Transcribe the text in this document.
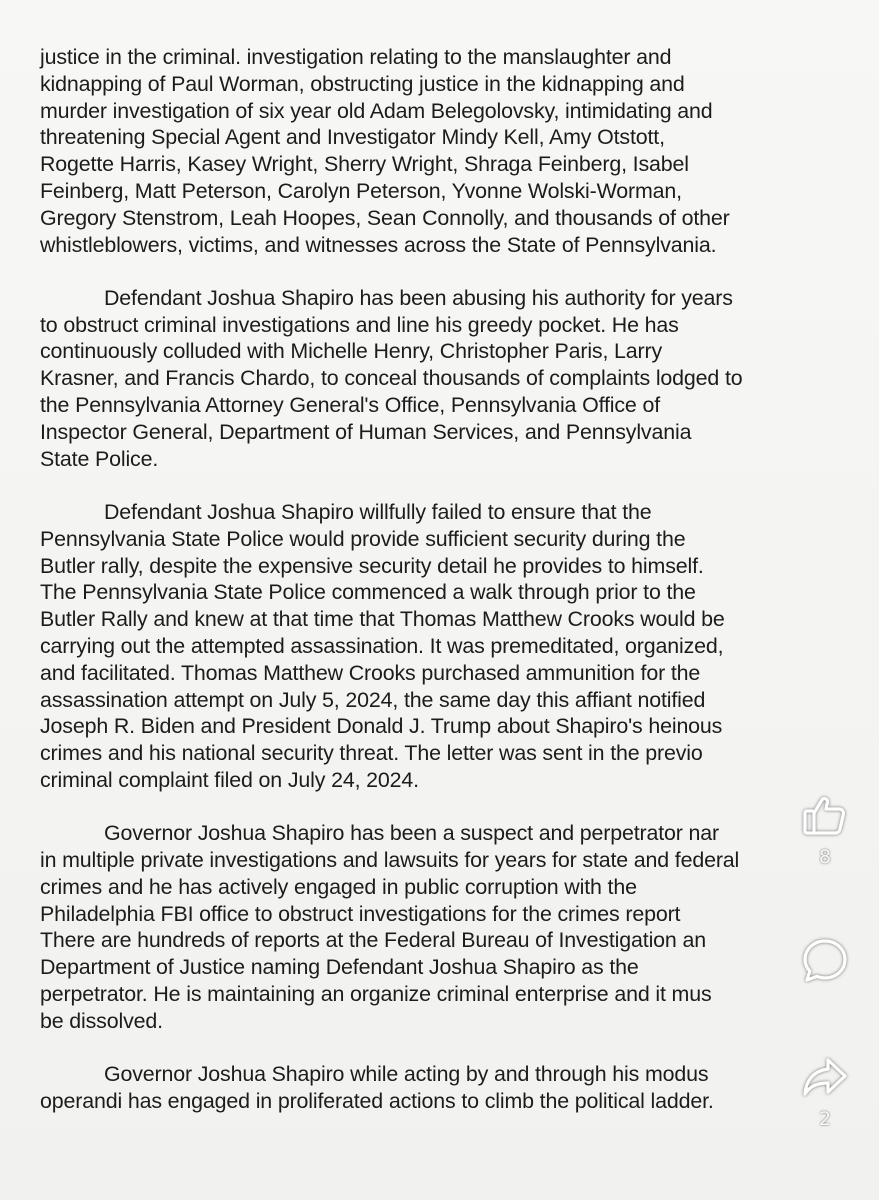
justice in the criminal. investigation relating to the manslaughter and
kidnapping of Paul Worman, obstructing justice in the kidnapping and
murder investigation of six year old Adam Belegolovsky, intimidating and
threatening Special Agent and Investigator Mindy Kell, Amy Otstott,
Rogette Harris, Kasey Wright, Sherry Wright, Shraga Feinberg, Isabel
Feinberg, Matt Peterson, Carolyn Peterson, Yvonne Wolski-Worman,
Gregory Stenstrom, Leah Hoopes, Sean Connolly, and thousands of other
whistleblowers, victims, and witnesses across the State of Pennsylvania.

Defendant Joshua Shapiro has been abusing his authority for years
to obstruct criminal investigations and line his greedy pocket. He has
continuously colluded with Michelle Henry, Christopher Paris, Larry
Krasner, and Francis Chardo, to conceal thousands of complaints lodged to
the Pennsylvania Attorney General's Office, Pennsylvania Office of
Inspector General, Department of Human Services, and Pennsylvania
State Police.

Defendant Joshua Shapiro willfully failed to ensure that the
Pennsylvania State Police would provide sufficient security during the
Butler rally, despite the expensive security detail he provides to himself.
The Pennsylvania State Police commenced a walk through prior to the
Butler Rally and knew at that time that Thomas Matthew Crooks would be
carrying out the attempted assassination. It was premeditated, organized,
and facilitated. Thomas Matthew Crooks purchased ammunition for the
assassination attempt on July 5, 2024, the same day this affiant notified
Joseph R. Biden and President Donald J. Trump about Shapiro's heinous
crimes and his national security threat. The letter was sent in the previo
criminal complaint filed on July 24, 2024.

Governor Joshua Shapiro has been a suspect and perpetrator nar
in multiple private investigations and lawsuits for years for state and federal
crimes and he has actively engaged in public corruption with the
Philadelphia FBI office to obstruct investigations for the crimes report
There are hundreds of reports at the Federal Bureau of Investigation an
Department of Justice naming Defendant Joshua Shapiro as the
perpetrator. He is maintaining an organize criminal enterprise and it mus
be dissolved.

Governor Joshua Shapiro while acting by and through his modus
operandi has engaged in proliferated actions to climb the political ladder.

8
2
